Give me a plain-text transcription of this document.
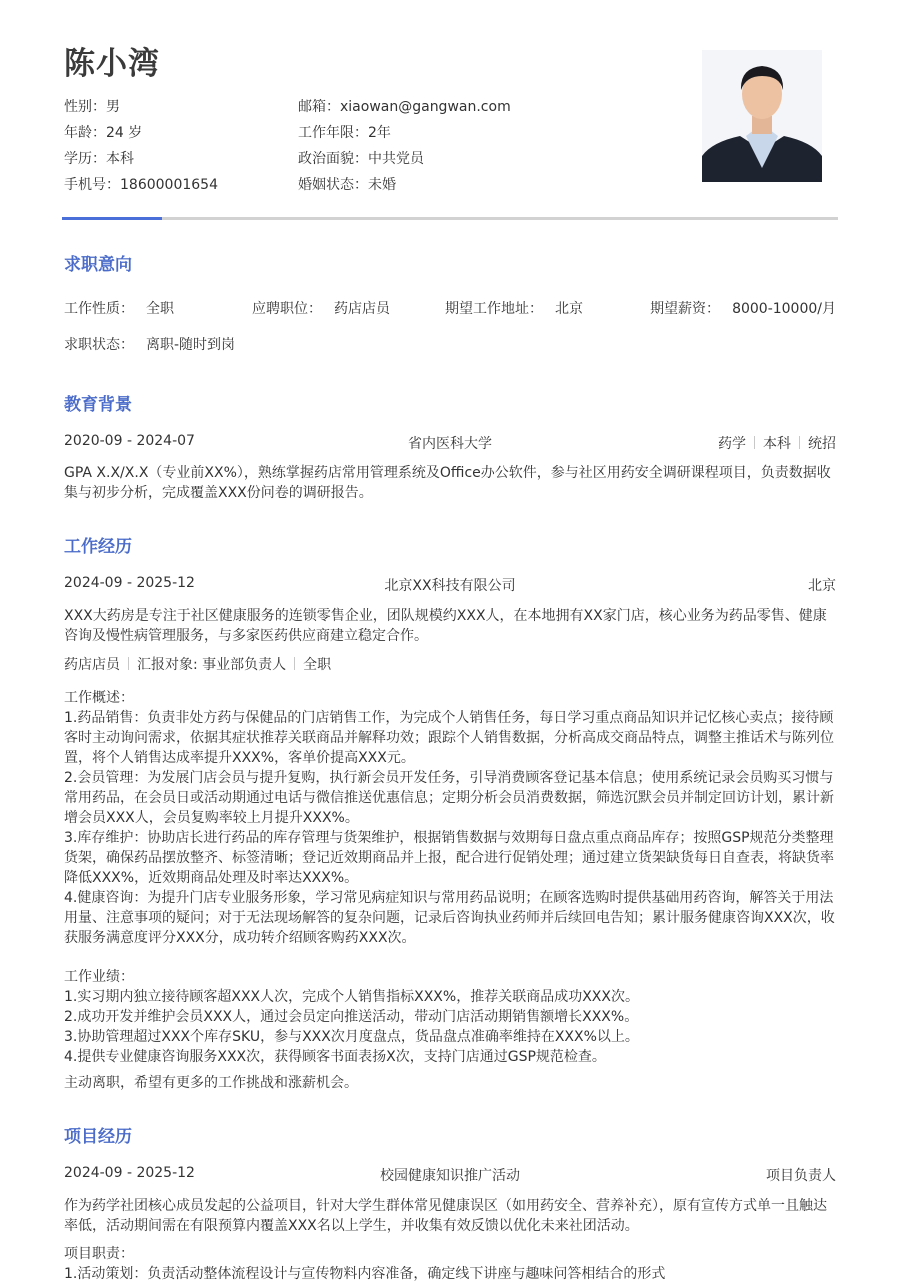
陈小湾
性别：男	邮箱：xiaowan@gangwan.com
年龄：24 岁	工作年限：2年
学历：本科	政治面貌：中共党员
手机号：18600001654	婚姻状态：未婚
求职意向
工作性质： 全职	应聘职位： 药店店员	期望工作地址： 北京	期望薪资： 8000-10000/月
求职状态： 离职-随时到岗
教育背景
2020-09 - 2024-07	省内医科大学	药学 本科 统招
GPA X.X/X.X（专业前XX%），熟练掌握药店常用管理系统及Office办公软件，参与社区用药安全调研课程项目，负责数据收集与初步分析，完成覆盖XXX份问卷的调研报告。
工作经历
2024-09 - 2025-12	北京XX科技有限公司	北京
XXX大药房是专注于社区健康服务的连锁零售企业，团队规模约XXX人，在本地拥有XX家门店，核心业务为药品零售、健康咨询及慢性病管理服务，与多家医药供应商建立稳定合作。
药店店员 汇报对象: 事业部负责人 全职
工作概述：
1.药品销售：负责非处方药与保健品的门店销售工作，为完成个人销售任务，每日学习重点商品知识并记忆核心卖点；接待顾客时主动询问需求，依据其症状推荐关联商品并解释功效；跟踪个人销售数据，分析高成交商品特点，调整主推话术与陈列位置，将个人销售达成率提升XXX%，客单价提高XXX元。
2.会员管理：为发展门店会员与提升复购，执行新会员开发任务，引导消费顾客登记基本信息；使用系统记录会员购买习惯与常用药品，在会员日或活动期通过电话与微信推送优惠信息；定期分析会员消费数据，筛选沉默会员并制定回访计划，累计新增会员XXX人，会员复购率较上月提升XXX%。
3.库存维护：协助店长进行药品的库存管理与货架维护，根据销售数据与效期每日盘点重点商品库存；按照GSP规范分类整理货架，确保药品摆放整齐、标签清晰；登记近效期商品并上报，配合进行促销处理；通过建立货架缺货每日自查表，将缺货率降低XXX%，近效期商品处理及时率达XXX%。
4.健康咨询：为提升门店专业服务形象，学习常见病症知识与常用药品说明；在顾客选购时提供基础用药咨询，解答关于用法用量、注意事项的疑问；对于无法现场解答的复杂问题，记录后咨询执业药师并后续回电告知；累计服务健康咨询XXX次，收获服务满意度评分XXX分，成功转介绍顾客购药XXX次。
工作业绩：
1.实习期内独立接待顾客超XXX人次，完成个人销售指标XXX%，推荐关联商品成功XXX次。
2.成功开发并维护会员XXX人，通过会员定向推送活动，带动门店活动期销售额增长XXX%。
3.协助管理超过XXX个库存SKU，参与XXX次月度盘点，货品盘点准确率维持在XXX%以上。
4.提供专业健康咨询服务XXX次，获得顾客书面表扬X次，支持门店通过GSP规范检查。
主动离职，希望有更多的工作挑战和涨薪机会。
项目经历
2024-09 - 2025-12	校园健康知识推广活动	项目负责人
作为药学社团核心成员发起的公益项目，针对大学生群体常见健康误区（如用药安全、营养补充），原有宣传方式单一且触达率低，活动期间需在有限预算内覆盖XXX名以上学生，并收集有效反馈以优化未来社团活动。
项目职责：
1.活动策划：负责活动整体流程设计与宣传物料内容准备，确定线下讲座与趣味问答相结合的形式
